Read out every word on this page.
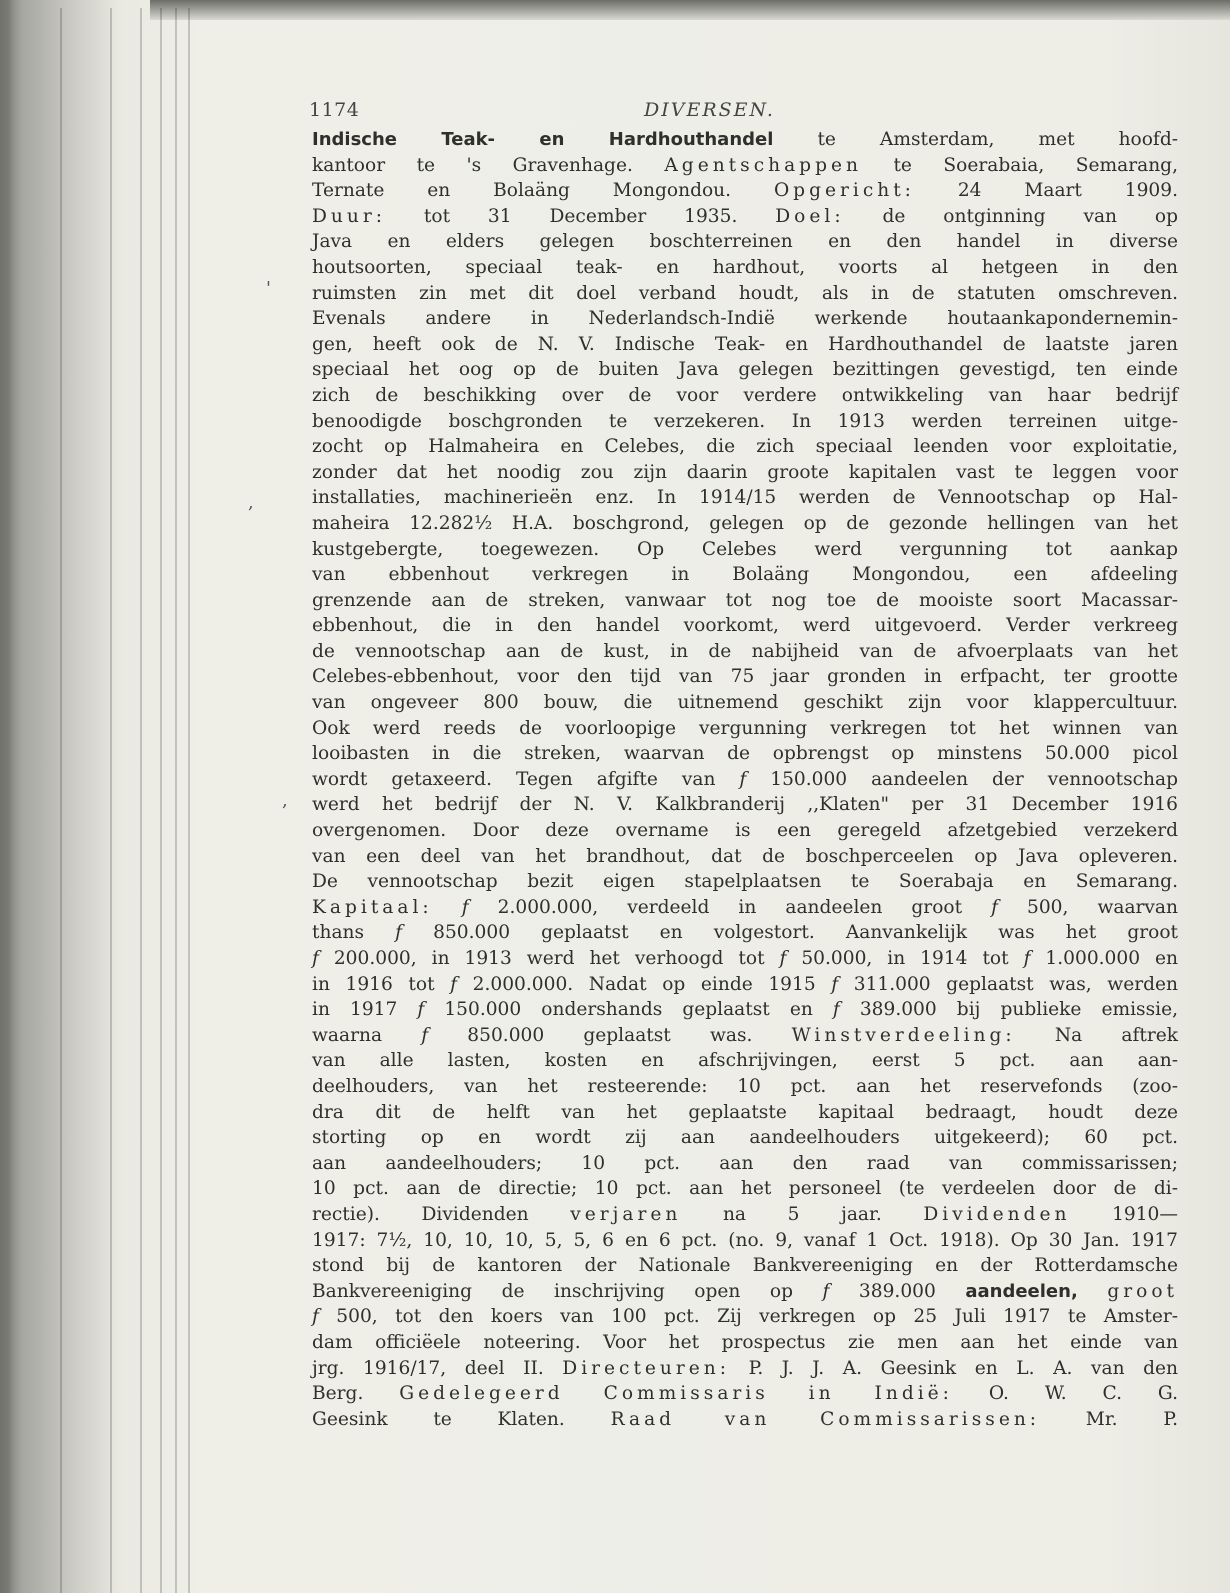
'
,
,
1174	DIVERSEN.
Indische Teak- en Hardhouthandel te Amsterdam, met hoofd-
kantoor te 's Gravenhage. Agentschappen te Soerabaia, Semarang,
Ternate en Bolaäng Mongondou. Opgericht: 24 Maart 1909.
Duur: tot 31 December 1935. Doel: de ontginning van op
Java en elders gelegen boschterreinen en den handel in diverse
houtsoorten, speciaal teak- en hardhout, voorts al hetgeen in den
ruimsten zin met dit doel verband houdt, als in de statuten omschreven.
Evenals andere in Nederlandsch-Indië werkende houtaankapondernemin-
gen, heeft ook de N. V. Indische Teak- en Hardhouthandel de laatste jaren
speciaal het oog op de buiten Java gelegen bezittingen gevestigd, ten einde
zich de beschikking over de voor verdere ontwikkeling van haar bedrijf
benoodigde boschgronden te verzekeren. In 1913 werden terreinen uitge-
zocht op Halmaheira en Celebes, die zich speciaal leenden voor exploitatie,
zonder dat het noodig zou zijn daarin groote kapitalen vast te leggen voor
installaties, machinerieën enz. In 1914/15 werden de Vennootschap op Hal-
maheira 12.282½ H.A. boschgrond, gelegen op de gezonde hellingen van het
kustgebergte, toegewezen. Op Celebes werd vergunning tot aankap
van ebbenhout verkregen in Bolaäng Mongondou, een afdeeling
grenzende aan de streken, vanwaar tot nog toe de mooiste soort Macassar-
ebbenhout, die in den handel voorkomt, werd uitgevoerd. Verder verkreeg
de vennootschap aan de kust, in de nabijheid van de afvoerplaats van het
Celebes-ebbenhout, voor den tijd van 75 jaar gronden in erfpacht, ter grootte
van ongeveer 800 bouw, die uitnemend geschikt zijn voor klappercultuur.
Ook werd reeds de voorloopige vergunning verkregen tot het winnen van
looibasten in die streken, waarvan de opbrengst op minstens 50.000 picol
wordt getaxeerd. Tegen afgifte van f 150.000 aandeelen der vennootschap
werd het bedrijf der N. V. Kalkbranderij ,,Klaten" per 31 December 1916
overgenomen. Door deze overname is een geregeld afzetgebied verzekerd
van een deel van het brandhout, dat de boschperceelen op Java opleveren.
De vennootschap bezit eigen stapelplaatsen te Soerabaja en Semarang.
Kapitaal: f 2.000.000, verdeeld in aandeelen groot f 500, waarvan
thans f 850.000 geplaatst en volgestort. Aanvankelijk was het groot
f 200.000, in 1913 werd het verhoogd tot f 50.000, in 1914 tot f 1.000.000 en
in 1916 tot f 2.000.000. Nadat op einde 1915 f 311.000 geplaatst was, werden
in 1917 f 150.000 ondershands geplaatst en f 389.000 bij publieke emissie,
waarna f 850.000 geplaatst was. Winstverdeeling: Na aftrek
van alle lasten, kosten en afschrijvingen, eerst 5 pct. aan aan-
deelhouders, van het resteerende: 10 pct. aan het reservefonds (zoo-
dra dit de helft van het geplaatste kapitaal bedraagt, houdt deze
storting op en wordt zij aan aandeelhouders uitgekeerd); 60 pct.
aan aandeelhouders; 10 pct. aan den raad van commissarissen;
10 pct. aan de directie; 10 pct. aan het personeel (te verdeelen door de di-
rectie). Dividenden verjaren na 5 jaar. Dividenden 1910—
1917: 7½, 10, 10, 10, 5, 5, 6 en 6 pct. (no. 9, vanaf 1 Oct. 1918). Op 30 Jan. 1917
stond bij de kantoren der Nationale Bankvereeniging en der Rotterdamsche
Bankvereeniging de inschrijving open op f 389.000 aandeelen, groot
f 500, tot den koers van 100 pct. Zij verkregen op 25 Juli 1917 te Amster-
dam officiëele noteering. Voor het prospectus zie men aan het einde van
jrg. 1916/17, deel II. Directeuren: P. J. J. A. Geesink en L. A. van den
Berg. Gedelegeerd Commissaris in Indië: O. W. C. G.
Geesink te Klaten. Raad van Commissarissen: Mr. P.
